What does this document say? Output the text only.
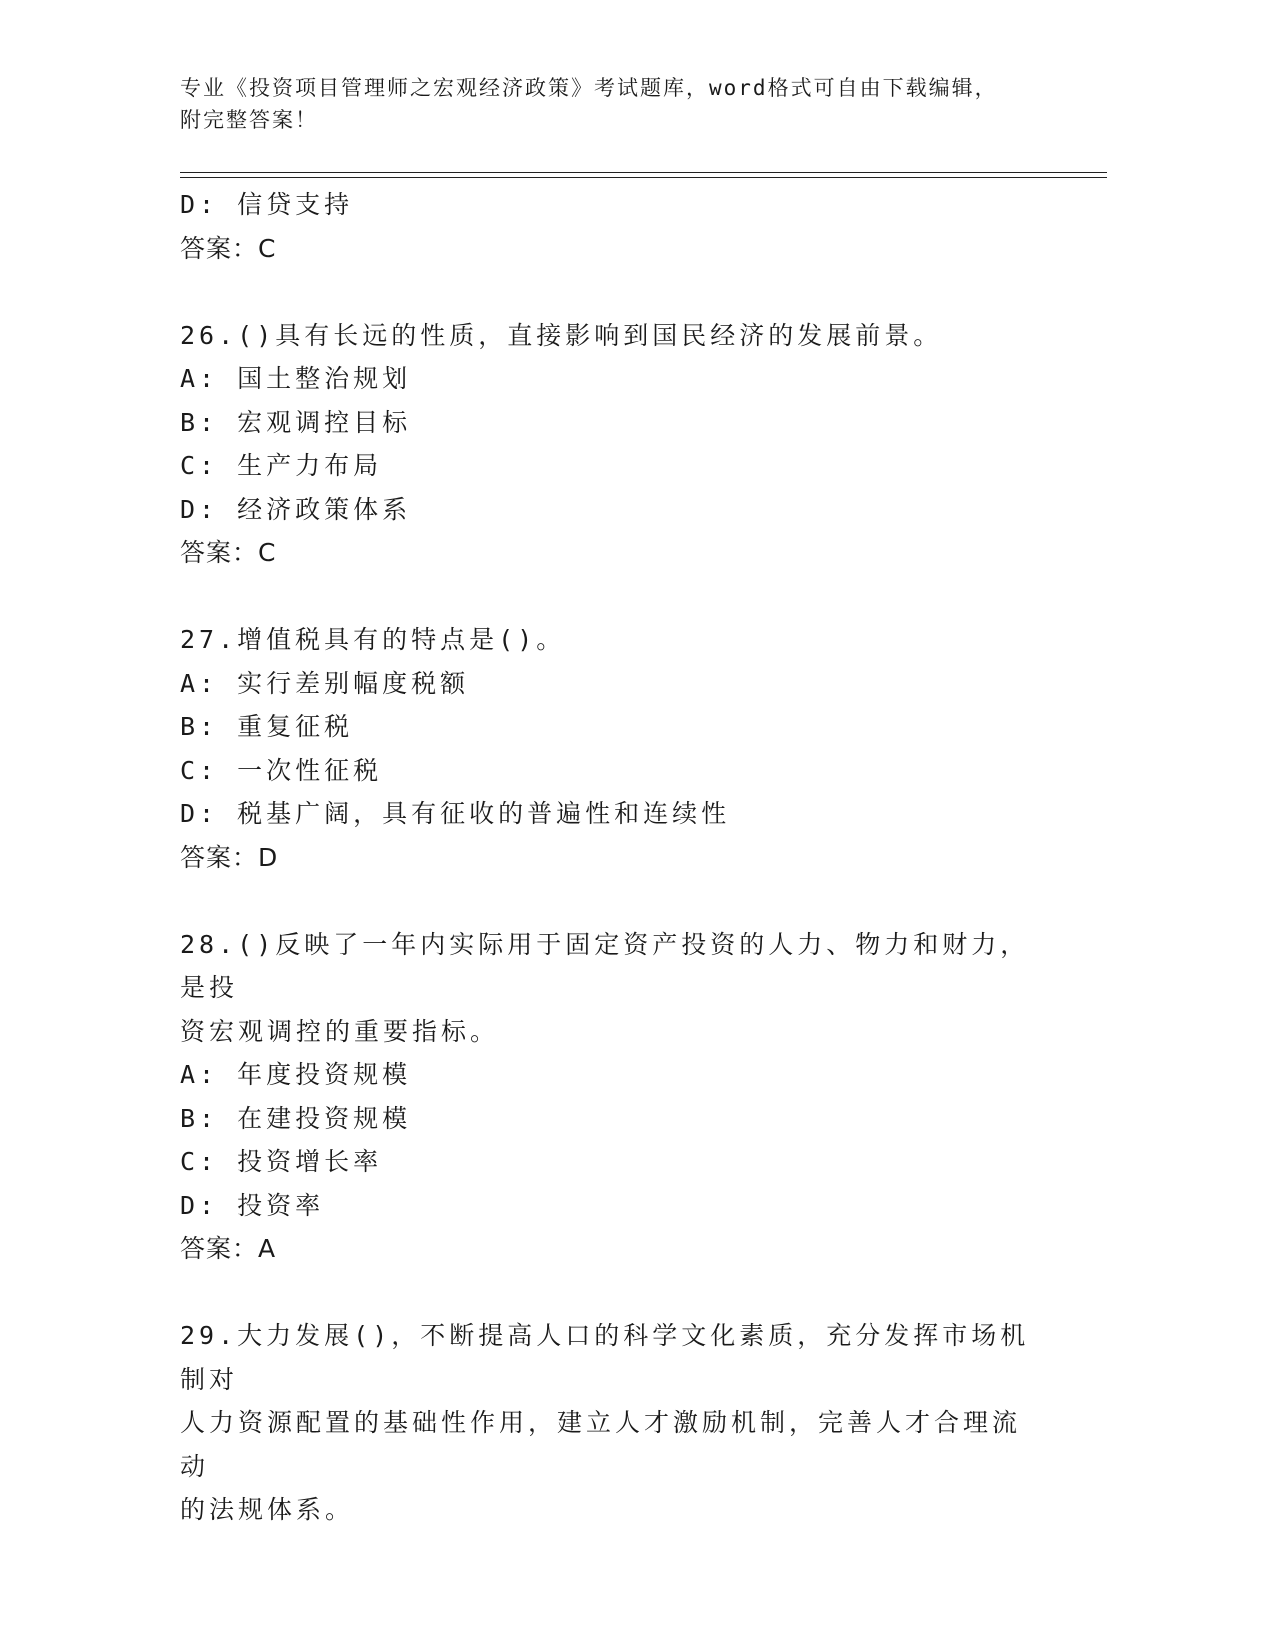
专业《投资项目管理师之宏观经济政策》考试题库，word格式可自由下载编辑，
附完整答案！
D: 信贷支持
答案：C
26.()具有长远的性质，直接影响到国民经济的发展前景。
A: 国土整治规划
B: 宏观调控目标
C: 生产力布局
D: 经济政策体系
答案：C
27.增值税具有的特点是()。
A: 实行差别幅度税额
B: 重复征税
C: 一次性征税
D: 税基广阔，具有征收的普遍性和连续性
答案：D
28.()反映了一年内实际用于固定资产投资的人力、物力和财力，是投
资宏观调控的重要指标。
A: 年度投资规模
B: 在建投资规模
C: 投资增长率
D: 投资率
答案：A
29.大力发展()，不断提高人口的科学文化素质，充分发挥市场机制对
人力资源配置的基础性作用，建立人才激励机制，完善人才合理流动
的法规体系。
